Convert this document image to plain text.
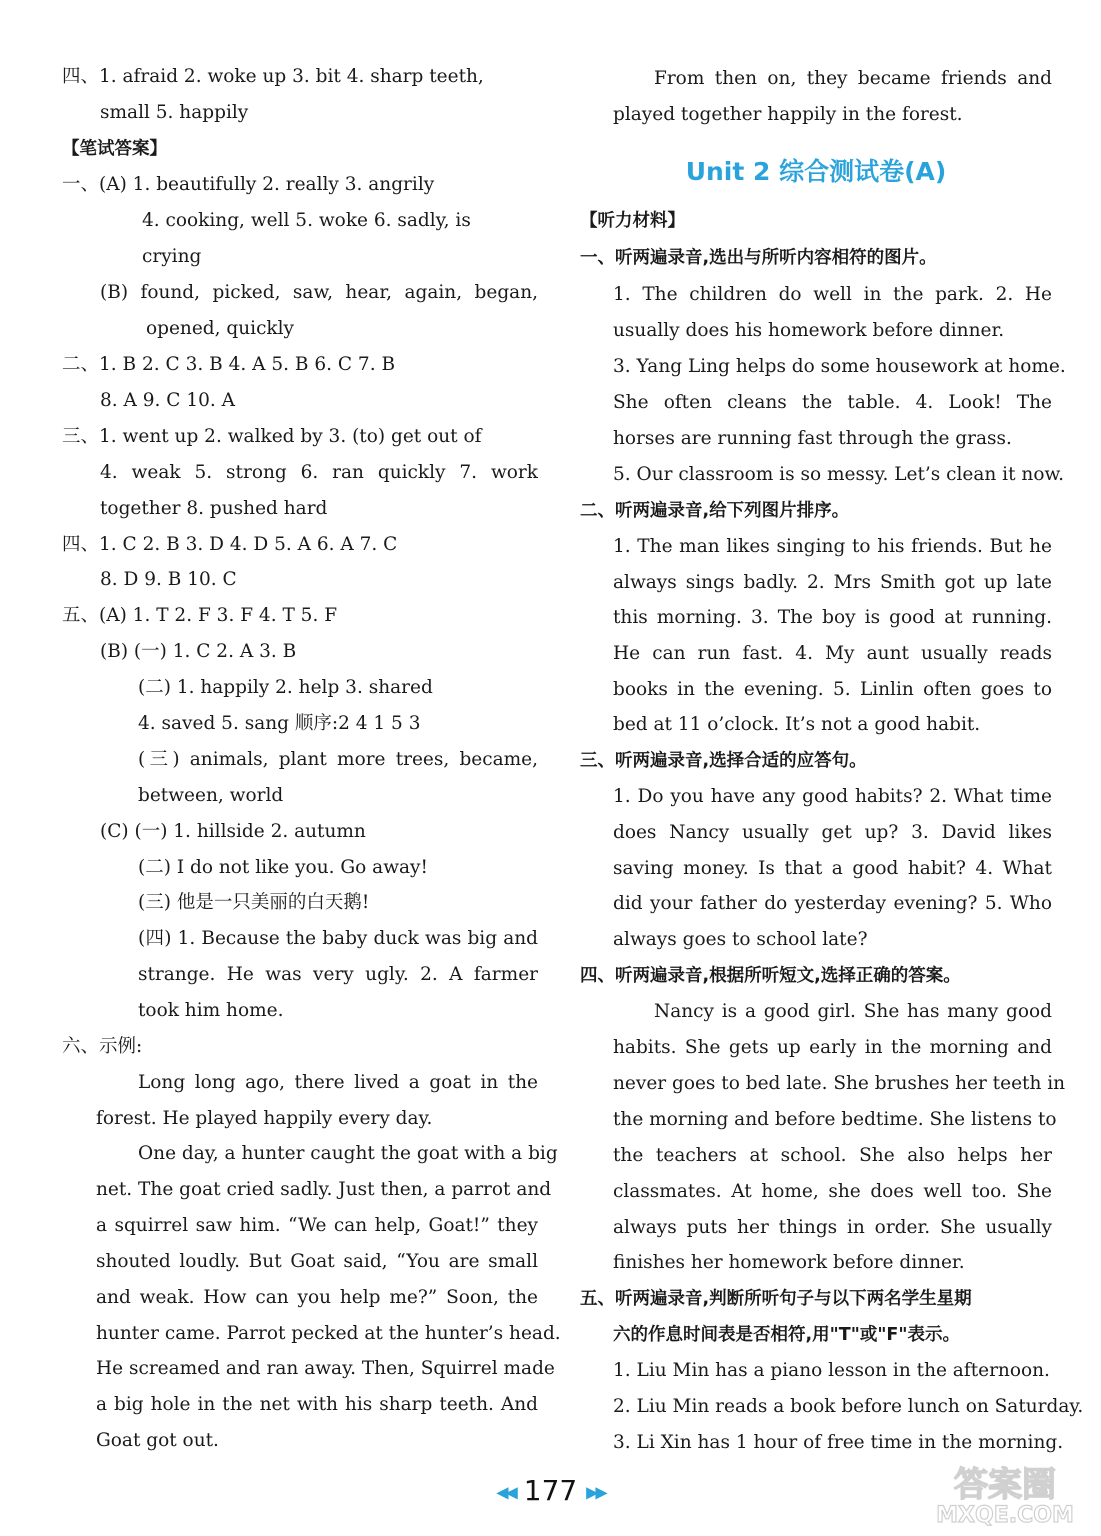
四、1. afraid 2. woke up 3. bit 4. sharp teeth,
small 5. happily
【笔试答案】
一、(A) 1. beautifully 2. really 3. angrily
4. cooking, well 5. woke 6. sadly, is
crying
(B) found, picked, saw, hear, again, began,
opened, quickly
二、1. B 2. C 3. B 4. A 5. B 6. C 7. B
8. A 9. C 10. A
三、1. went up 2. walked by 3. (to) get out of
4. weak 5. strong 6. ran quickly 7. work
together 8. pushed hard
四、1. C 2. B 3. D 4. D 5. A 6. A 7. C
8. D 9. B 10. C
五、(A) 1. T 2. F 3. F 4. T 5. F
(B) (一) 1. C 2. A 3. B
(二) 1. happily 2. help 3. shared
4. saved 5. sang 顺序:2 4 1 5 3
(三) animals, plant more trees, became,
between, world
(C) (一) 1. hillside 2. autumn
(二) I do not like you. Go away!
(三) 他是一只美丽的白天鹅!
(四) 1. Because the baby duck was big and
strange. He was very ugly. 2. A farmer
took him home.
六、示例:
Long long ago, there lived a goat in the
forest. He played happily every day.
One day, a hunter caught the goat with a big
net. The goat cried sadly. Just then, a parrot and
a squirrel saw him. “We can help, Goat!” they
shouted loudly. But Goat said, “You are small
and weak. How can you help me?” Soon, the
hunter came. Parrot pecked at the hunter’s head.
He screamed and ran away. Then, Squirrel made
a big hole in the net with his sharp teeth. And
Goat got out.
Unit 2 综合测试卷(A)
From then on, they became friends and
played together happily in the forest.
【听力材料】
一、听两遍录音,选出与所听内容相符的图片。
1. The children do well in the park. 2. He
usually does his homework before dinner.
3. Yang Ling helps do some housework at home.
She often cleans the table. 4. Look! The
horses are running fast through the grass.
5. Our classroom is so messy. Let’s clean it now.
二、听两遍录音,给下列图片排序。
1. The man likes singing to his friends. But he
always sings badly. 2. Mrs Smith got up late
this morning. 3. The boy is good at running.
He can run fast. 4. My aunt usually reads
books in the evening. 5. Linlin often goes to
bed at 11 o’clock. It’s not a good habit.
三、听两遍录音,选择合适的应答句。
1. Do you have any good habits? 2. What time
does Nancy usually get up? 3. David likes
saving money. Is that a good habit? 4. What
did your father do yesterday evening? 5. Who
always goes to school late?
四、听两遍录音,根据所听短文,选择正确的答案。
Nancy is a good girl. She has many good
habits. She gets up early in the morning and
never goes to bed late. She brushes her teeth in
the morning and before bedtime. She listens to
the teachers at school. She also helps her
classmates. At home, she does well too. She
always puts her things in order. She usually
finishes her homework before dinner.
五、听两遍录音,判断所听句子与以下两名学生星期
六的作息时间表是否相符,用"T"或"F"表示。
1. Liu Min has a piano lesson in the afternoon.
2. Liu Min reads a book before lunch on Saturday.
3. Li Xin has 1 hour of free time in the morning.
◀◀ 177 ▶▶	答案圈
MXQE.COM
